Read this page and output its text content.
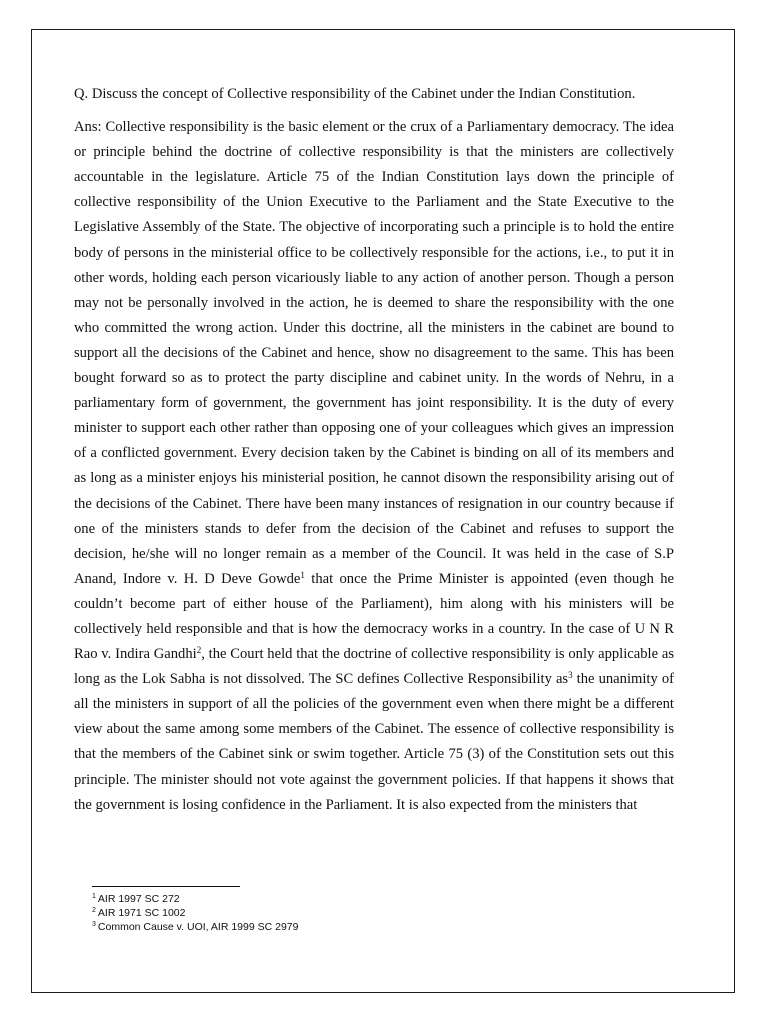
Q. Discuss the concept of Collective responsibility of the Cabinet under the Indian Constitution.

Ans: Collective responsibility is the basic element or the crux of a Parliamentary democracy. The idea or principle behind the doctrine of collective responsibility is that the ministers are collectively accountable in the legislature. Article 75 of the Indian Constitution lays down the principle of collective responsibility of the Union Executive to the Parliament and the State Executive to the Legislative Assembly of the State. The objective of incorporating such a principle is to hold the entire body of persons in the ministerial office to be collectively responsible for the actions, i.e., to put it in other words, holding each person vicariously liable to any action of another person. Though a person may not be personally involved in the action, he is deemed to share the responsibility with the one who committed the wrong action. Under this doctrine, all the ministers in the cabinet are bound to support all the decisions of the Cabinet and hence, show no disagreement to the same. This has been bought forward so as to protect the party discipline and cabinet unity. In the words of Nehru, in a parliamentary form of government, the government has joint responsibility. It is the duty of every minister to support each other rather than opposing one of your colleagues which gives an impression of a conflicted government. Every decision taken by the Cabinet is binding on all of its members and as long as a minister enjoys his ministerial position, he cannot disown the responsibility arising out of the decisions of the Cabinet. There have been many instances of resignation in our country because if one of the ministers stands to defer from the decision of the Cabinet and refuses to support the decision, he/she will no longer remain as a member of the Council. It was held in the case of S.P Anand, Indore v. H. D Deve Gowde$^1$ that once the Prime Minister is appointed (even though he couldn’t become part of either house of the Parliament), him along with his ministers will be collectively held responsible and that is how the democracy works in a country. In the case of U N R Rao v. Indira Gandhi$^2$, the Court held that the doctrine of collective responsibility is only applicable as long as the Lok Sabha is not dissolved. The SC defines Collective Responsibility $as^3$ the unanimity of all the ministers in support of all the policies of the government even when there might be a different view about the same among some members of the Cabinet. The essence of collective responsibility is that the members of the Cabinet sink or swim together. Article 75 (3) of the Constitution sets out this principle. The minister should not vote against the government policies. If that happens it shows that the government is losing confidence in the Parliament. It is also expected from the ministers that

$^1$ AIR 1997 SC 272
$^2$ AIR 1971 SC 1002
$^3$ Common Cause v. UOI, AIR 1999 SC 2979
